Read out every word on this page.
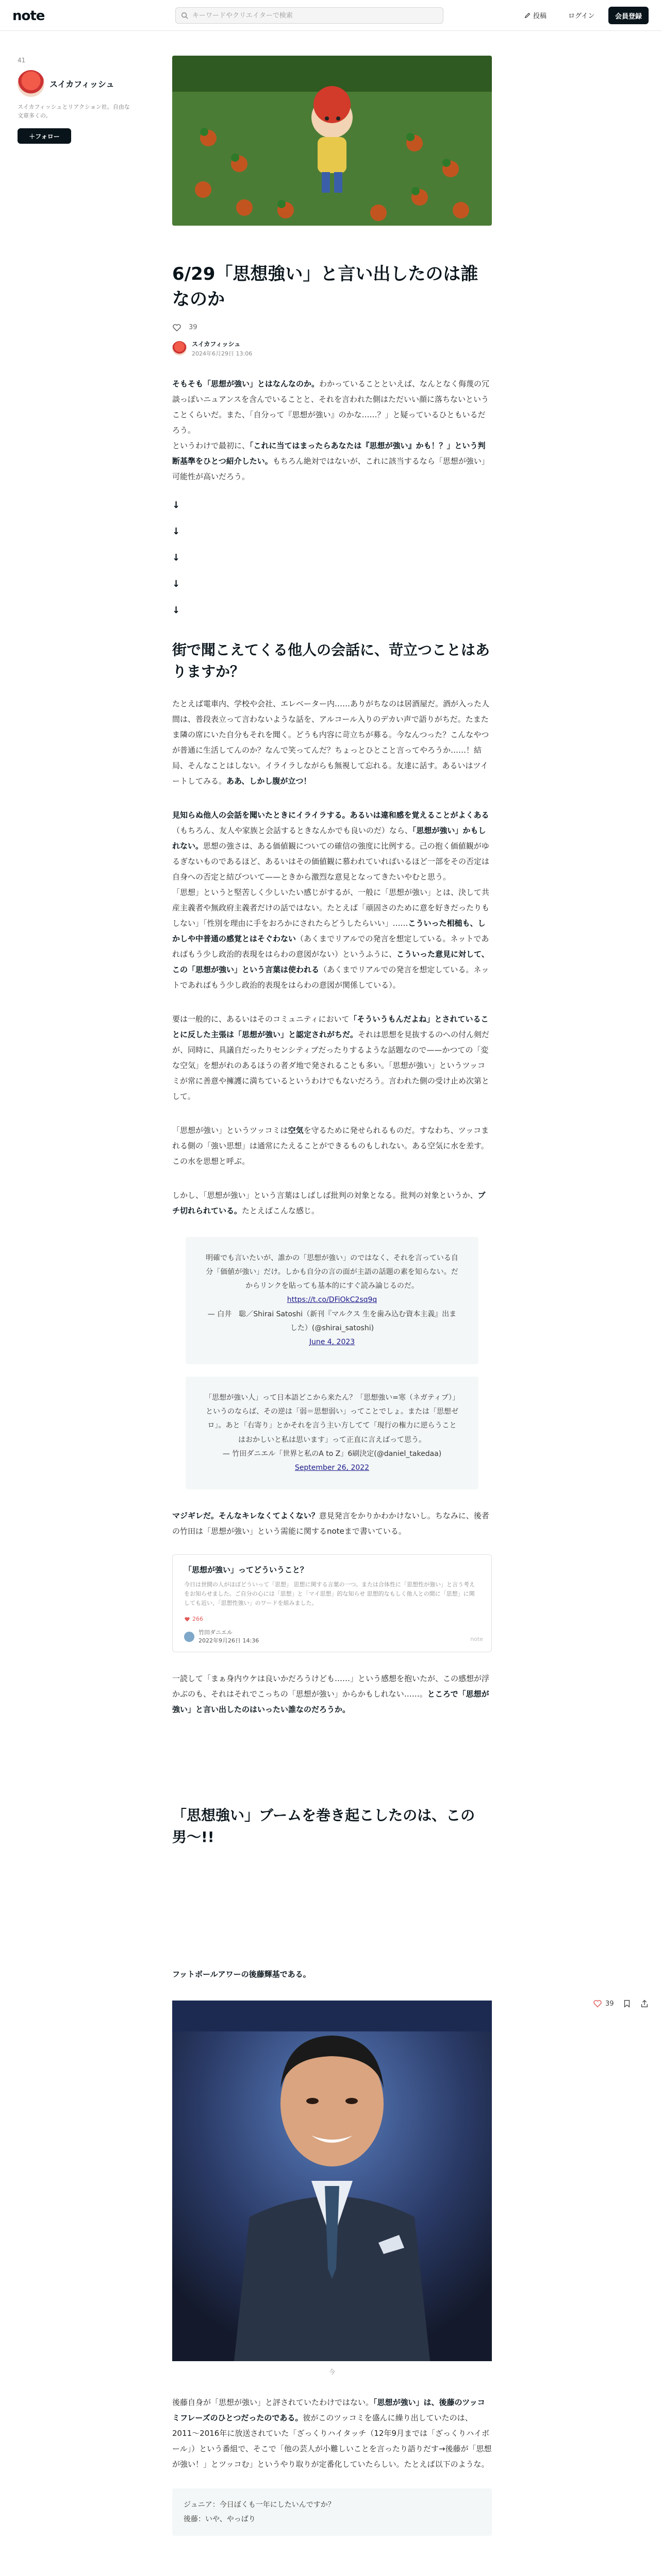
note
キーワードやクリエイターで検索	投稿	ログイン	会員登録
41
スイカフィッシュ
スイカフィッシュとリアクション社。自由な文章多くの。
＋ フォロー
6/29「思想強い」と言い出したのは誰なのか
39
スイカフィッシュ
2024年6月29日 13:06

そもそも「思想が強い」とはなんなのか。わかっていることといえば、なんとなく侮蔑の冗談っぽいニュアンスを含んでいることと、それを言われた側はただいい顔に落ちないということくらいだ。また、「自分って『思想が強い』のかな……？」と疑っているひともいるだろう。
というわけで最初に、「これに当てはまったらあなたは『思想が強い』かも！？」という判断基準をひとつ紹介したい。もちろん絶対ではないが、これに該当するなら「思想が強い」可能性が高いだろう。

↓
↓
↓
↓
↓
街で聞こえてくる他人の会話に、苛立つことはありますか？

たとえば電車内、学校や会社、エレベーター内……ありがちなのは居酒屋だ。酒が入った人間は、普段表立って言わないような話を、アルコール入りのデカい声で語りがちだ。たまたま隣の席にいた自分もそれを聞く。どうも内容に苛立ちが募る。今なんつった？こんなやつが普通に生活してんのか？なんで笑ってんだ？ちょっとひとこと言ってやろうか……！結局、そんなことはしない。イライラしながらも無視して忘れる。友達に話す。あるいはツイートしてみる。ああ、しかし腹が立つ！

見知らぬ他人の会話を聞いたときにイライラする。あるいは違和感を覚えることがよくある（もちろん、友人や家族と会話するときなんかでも良いのだ）なら、「思想が強い」かもしれない。思想の強さは、ある価値観についての確信の強度に比例する。己の抱く価値観がゆるぎないものであるほど、あるいはその価値観に慕われていればいるほど一部をその否定は自身への否定と結びついて——ときから激烈な意見となってきたいやむと思う。
「思想」というと堅苦しく少しいたい感じがするが、一般に「思想が強い」とは、決して共産主義者や無政府主義者だけの話ではない。たとえば「頑固さのために意を好きだったりもしない」「性別を理由に手をおろかにされたらどうしたらいい」……こういった相槌も、しかしや中普通の感覚とはそぐわない（あくまでリアルでの発言を想定している。ネットであればもう少し政治的表現をはらわの意図がない）というふうに、こういった意見に対して、この「思想が強い」という言葉は使われる（あくまでリアルでの発言を想定している。ネットであればもう少し政治的表現をはらわの意図が関係している）。

要は一般的に、あるいはそのコミュニティにおいて「そういうもんだよね」とされていることに反した主張は「思想が強い」と認定されがちだ。それは思想を見抜するのへの付ん剣だが、同時に、具議自だったりセンシティブだったりするような話題なので——かつての「変な空気」を想がれのあるほうの者ダ地で発されることも多い。「思想が強い」というツッコミが常に善意や擁護に満ちているというわけでもないだろう。言われた側の受け止め次第として。

「思想が強い」というツッコミは空気を守るために発せられるものだ。すなわち、ツッコまれる側の「強い思想」は通常にたえることができるものもしれない。ある空気に水を差す。この水を思想と呼ぶ。

しかし、「思想が強い」という言葉はしばしば批判の対象となる。批判の対象というか、ブチ切れられている。たとえばこんな感じ。

明確でも言いたいが、誰かの「思想が強い」のではなく、それを言っている自分「価値が強い」だけ。しかも自分の言の面が主語の話題の素を知らない。だからリンクを貼っても基本的にすぐ読み論じるのだ。
https://t.co/DFiOkC2sq9q
— 白井　聡／Shirai Satoshi（新刊『マルクス 生を歯み込む資本主義』出ました）(@shirai_satoshi)
June 4, 2023
「思想が強い人」って日本語どこから来たん？「思想強い=寒（ネガティブ）」というのならば、その逆は「弱＝思想弱い」ってことでしょ。または「思想ゼロ」。あと「右寄り」とかそれを言う主い方してて「現行の権力に逆らうことはおかしいと私は思います」って正直に言えばって思う。
— 竹田ダニエル「世界と私のA to Z」6刷決定(@daniel_takedaa)
September 26, 2022

マジギレだ。そんなキレなくてよくない？意見発言をかりかわかけないし。ちなみに、後者の竹田は「思想が強い」という需能に関するnoteまで書いている。

「思想が強い」ってどういうこと？
今日は世間の人がほぼどういって「思想」 思想に関する言葉の一つ。または合体性に「思想性が強い」と言う考えをお知らせました。ご自分の心には「思想」と「マイ思想」的な知らせ 思想的なもしく他人との間に「思想」に関しても近い、「思想性強い」のワードを組みました。
266
竹田ダニエル
2022年9月26日 14:36	note

一読して「まぁ身内ウケは良いかだろうけども……」という感想を抱いたが、この感想が浮かぶのも、それはそれでこっちの「思想が強い」からかもしれない……。ところで「思想が強い」と言い出したのはいったい誰なのだろうか。

「思想強い」ブームを巻き起こしたのは、この男〜!!

フットボールアワーの後藤輝基である。

今

後藤自身が「思想が強い」と評されていたわけではない。「思想が強い」は、後藤のツッコミフレーズのひとつだったのである。彼がこのツッコミを盛んに繰り出していたのは、2011〜2016年に放送されていた「ざっくりハイタッチ（12年9月までは「ざっくりハイボール」）という番組で、そこで「他の芸人が小難しいことを言ったり語りだす→後藤が「思想が強い！」とツッコむ」というやり取りが定番化していたらしい。たとえば以下のような。

ジュニア：今日ぼくも一年にしたいんですか？
後藤：いや、やっぱり
39
